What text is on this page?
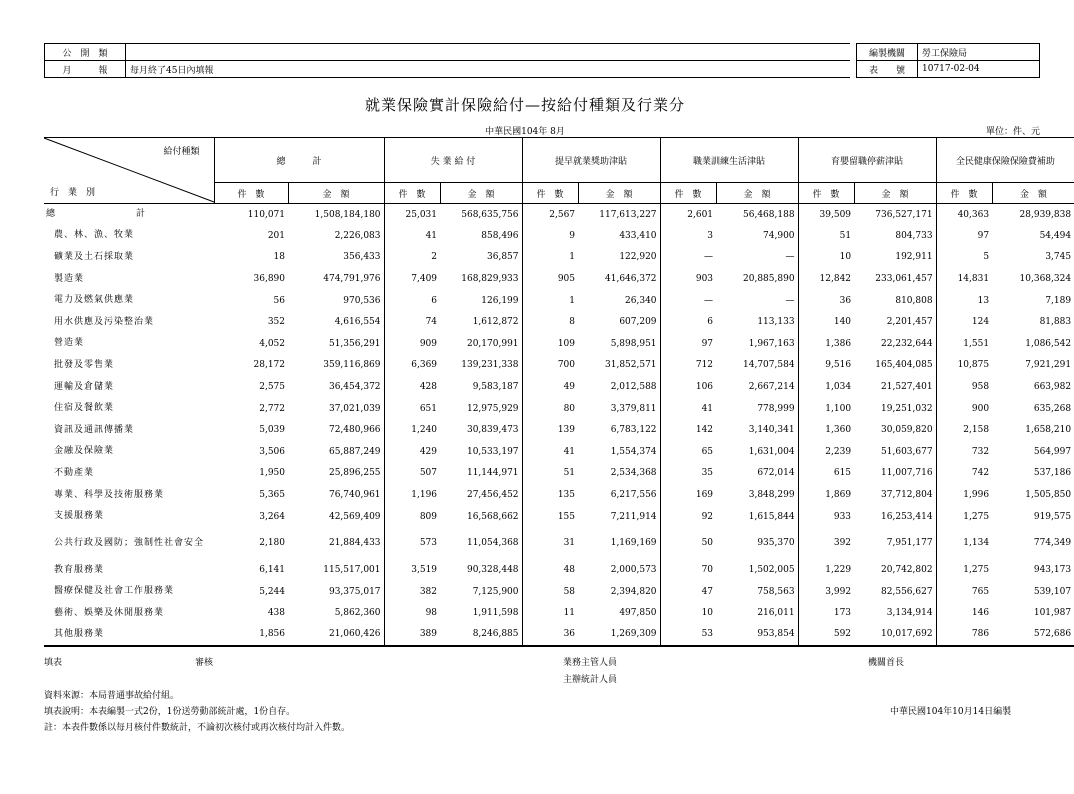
公　開　類	
月　　　報	每月終了45日內填報
編製機關	勞工保險局
表　　號	10717-02-04
就業保險實計保險給付—按給付種類及行業分
中華民國104年 8月	單位：件、元
給付種類
行　業　別	總　　　計		失 業 給 付		提早就業獎助津貼		職業訓練生活津貼		育嬰留職停薪津貼		全民健康保險保險費補助	
	件　數	金　額	件　數	金　額	件　數	金　額	件　數	金　額	件　數	金　額	件　數	金　額
總　　　　　　　　計	110,071	1,508,184,180	25,031	568,635,756	2,567	117,613,227	2,601	56,468,188	39,509	736,527,171	40,363	28,939,838
農、林、漁、牧業	201	2,226,083	41	858,496	9	433,410	3	74,900	51	804,733	97	54,494
礦業及土石採取業	18	356,433	2	36,857	1	122,920	—	—	10	192,911	5	3,745
製造業	36,890	474,791,976	7,409	168,829,933	905	41,646,372	903	20,885,890	12,842	233,061,457	14,831	10,368,324
電力及燃氣供應業	56	970,536	6	126,199	1	26,340	—	—	36	810,808	13	7,189
用水供應及污染整治業	352	4,616,554	74	1,612,872	8	607,209	6	113,133	140	2,201,457	124	81,883
營造業	4,052	51,356,291	909	20,170,991	109	5,898,951	97	1,967,163	1,386	22,232,644	1,551	1,086,542
批發及零售業	28,172	359,116,869	6,369	139,231,338	700	31,852,571	712	14,707,584	9,516	165,404,085	10,875	7,921,291
運輸及倉儲業	2,575	36,454,372	428	9,583,187	49	2,012,588	106	2,667,214	1,034	21,527,401	958	663,982
住宿及餐飲業	2,772	37,021,039	651	12,975,929	80	3,379,811	41	778,999	1,100	19,251,032	900	635,268
資訊及通訊傳播業	5,039	72,480,966	1,240	30,839,473	139	6,783,122	142	3,140,341	1,360	30,059,820	2,158	1,658,210
金融及保險業	3,506	65,887,249	429	10,533,197	41	1,554,374	65	1,631,004	2,239	51,603,677	732	564,997
不動產業	1,950	25,896,255	507	11,144,971	51	2,534,368	35	672,014	615	11,007,716	742	537,186
專業、科學及技術服務業	5,365	76,740,961	1,196	27,456,452	135	6,217,556	169	3,848,299	1,869	37,712,804	1,996	1,505,850
支援服務業	3,264	42,569,409	809	16,568,662	155	7,211,914	92	1,615,844	933	16,253,414	1,275	919,575
公共行政及國防；強制性社會安全	2,180	21,884,433	573	11,054,368	31	1,169,169	50	935,370	392	7,951,177	1,134	774,349
教育服務業	6,141	115,517,001	3,519	90,328,448	48	2,000,573	70	1,502,005	1,229	20,742,802	1,275	943,173
醫療保健及社會工作服務業	5,244	93,375,017	382	7,125,900	58	2,394,820	47	758,563	3,992	82,556,627	765	539,107
藝術、娛樂及休閒服務業	438	5,862,360	98	1,911,598	11	497,850	10	216,011	173	3,134,914	146	101,987
其他服務業	1,856	21,060,426	389	8,246,885	36	1,269,309	53	953,854	592	10,017,692	786	572,686
填表	審核	業務主管人員
主辦統計人員
機關首長
資料來源：本局普通事故給付組。
填表說明：本表編製一式2份，1份送勞動部統計處，1份自存。
註：本表件數係以每月核付件數統計，不論初次核付或再次核付均計入件數。
中華民國104年10月14日編製
